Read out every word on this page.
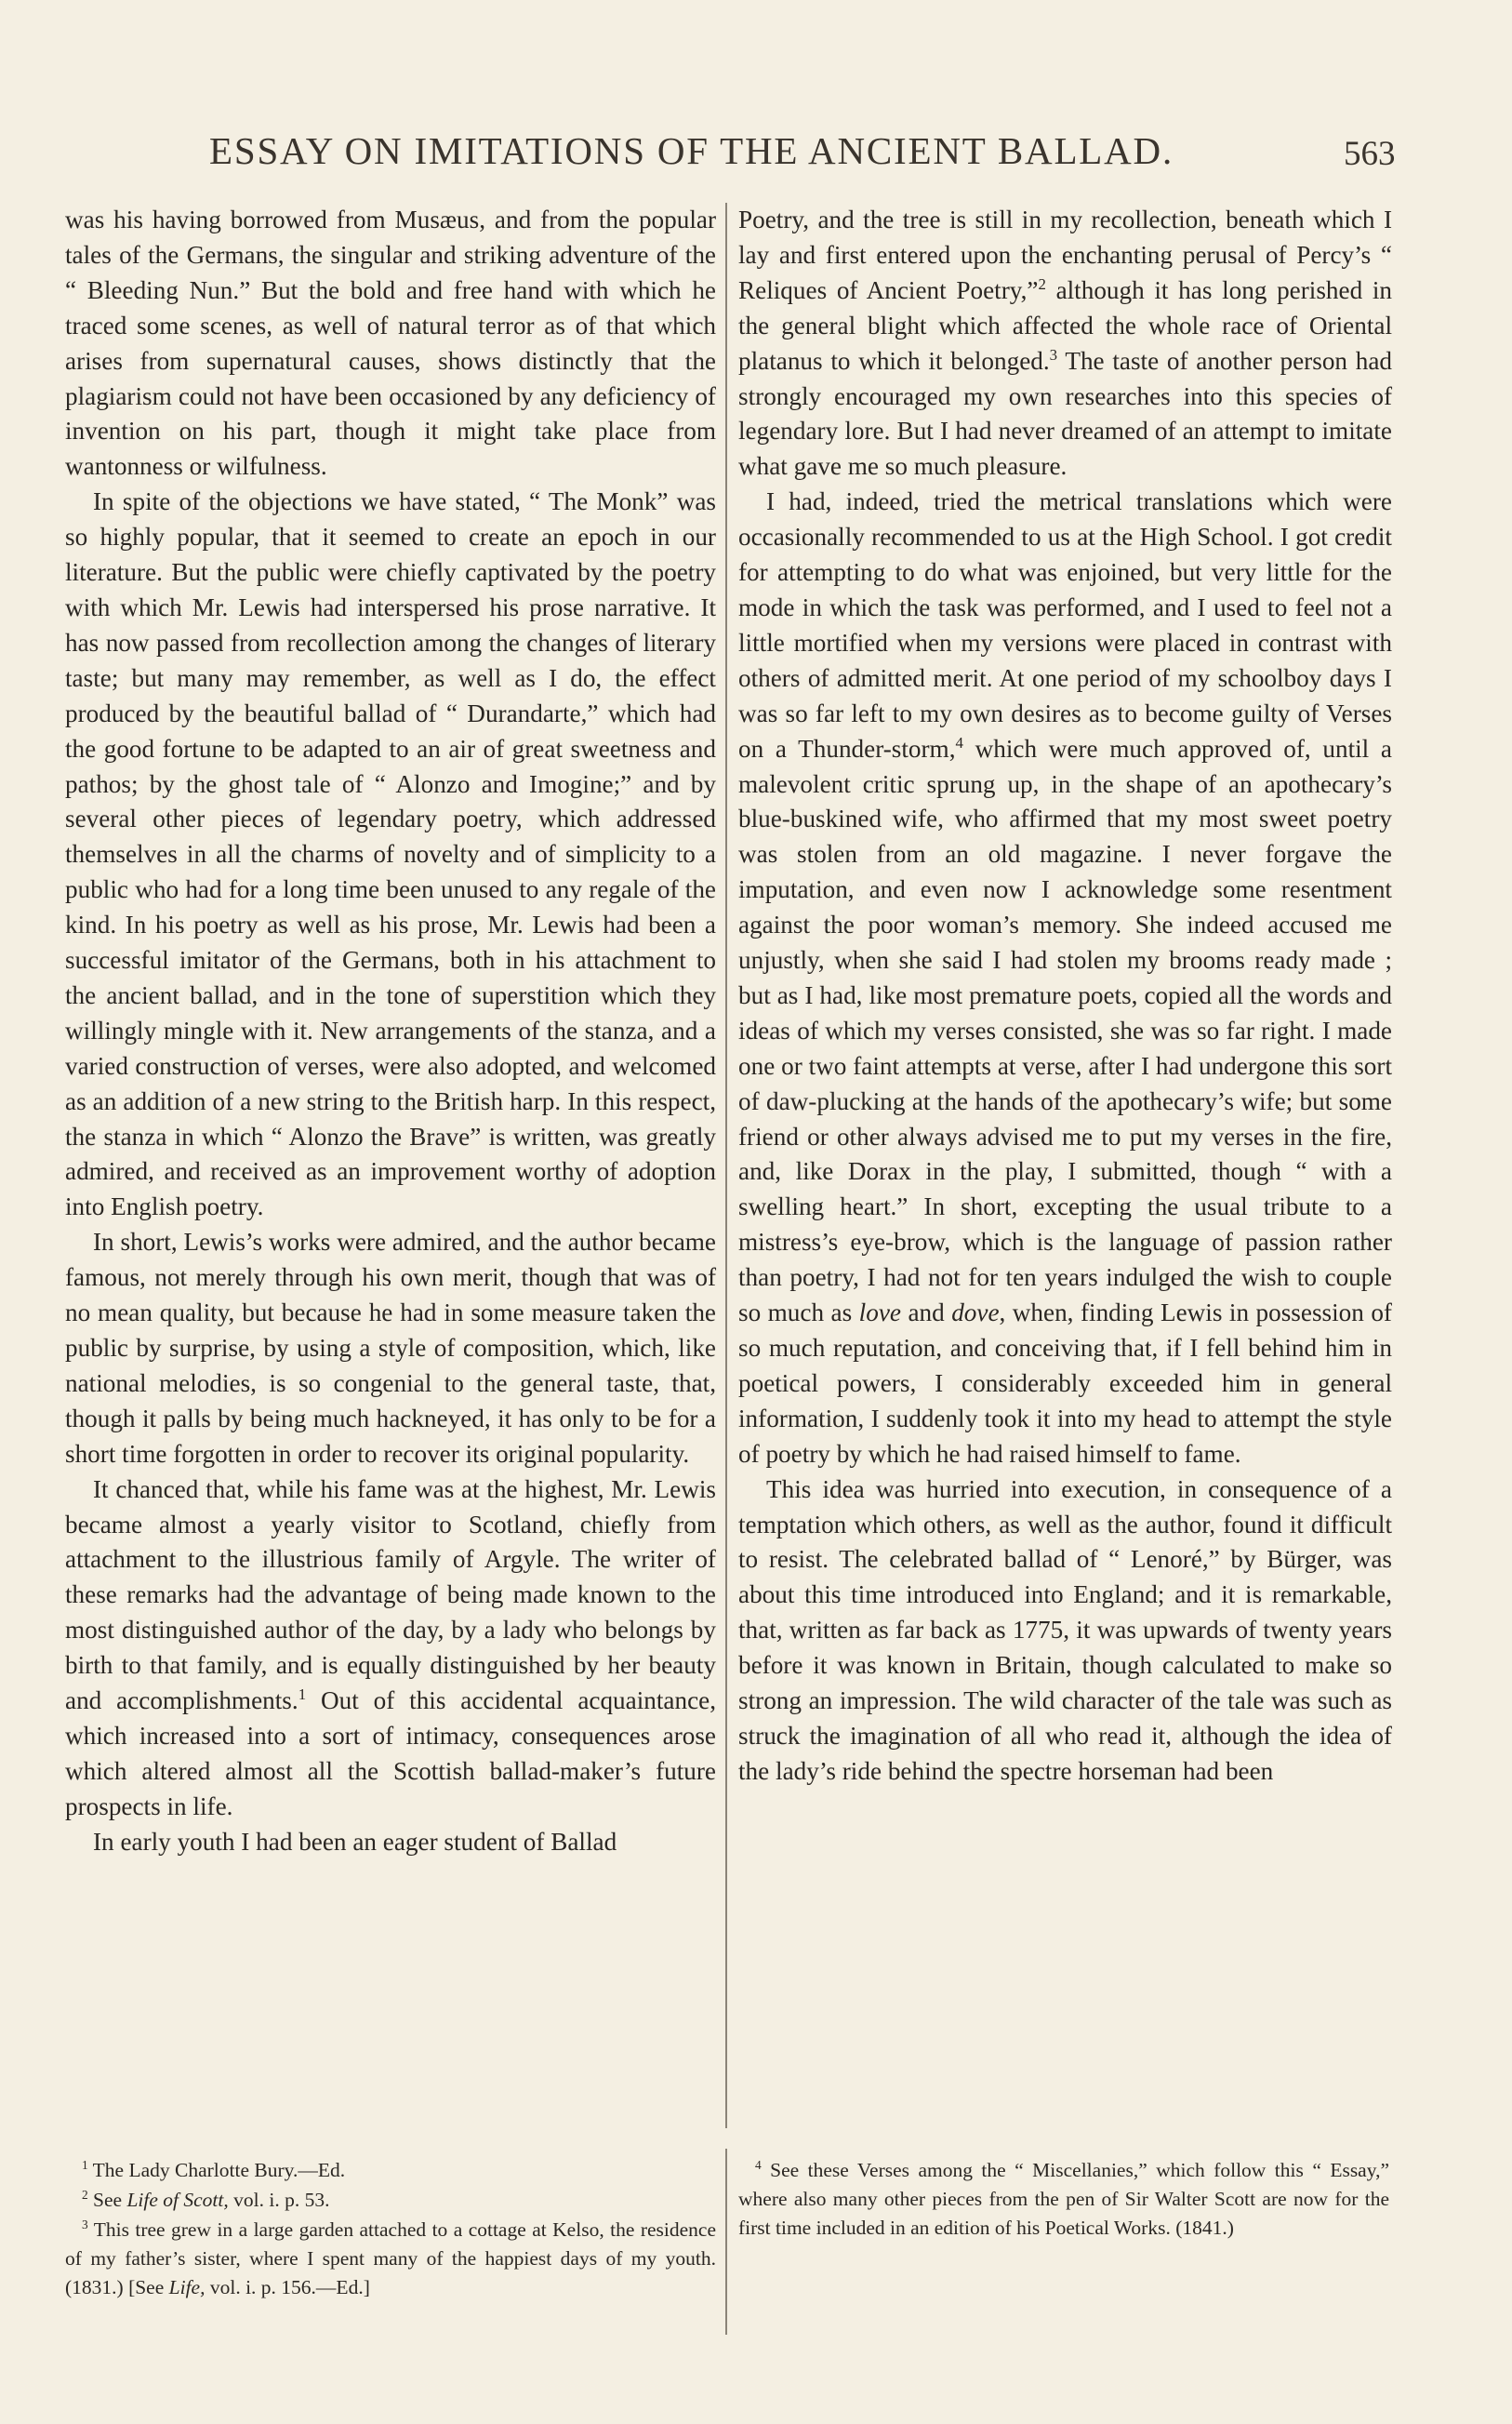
ESSAY ON IMITATIONS OF THE ANCIENT BALLAD.	563

was his having borrowed from Musæus, and from the popular tales of the Germans, the singular and striking adventure of the “ Bleeding Nun.” But the bold and free hand with which he traced some scenes, as well of natural terror as of that which arises from supernatural causes, shows distinctly that the plagiarism could not have been occasioned by any deficiency of invention on his part, though it might take place from wantonness or wilfulness.

In spite of the objections we have stated, “ The Monk” was so highly popular, that it seemed to create an epoch in our literature. But the public were chiefly captivated by the poetry with which Mr. Lewis had interspersed his prose narrative. It has now passed from recollection among the changes of literary taste; but many may remember, as well as I do, the effect produced by the beautiful ballad of “ Durandarte,” which had the good fortune to be adapted to an air of great sweetness and pathos; by the ghost tale of “ Alonzo and Imogine;” and by several other pieces of legendary poetry, which addressed themselves in all the charms of novelty and of simplicity to a public who had for a long time been unused to any regale of the kind. In his poetry as well as his prose, Mr. Lewis had been a successful imitator of the Germans, both in his attachment to the ancient ballad, and in the tone of superstition which they willingly mingle with it. New arrangements of the stanza, and a varied construction of verses, were also adopted, and welcomed as an addition of a new string to the British harp. In this respect, the stanza in which “ Alonzo the Brave” is written, was greatly admired, and received as an improvement worthy of adoption into English poetry.

In short, Lewis’s works were admired, and the author became famous, not merely through his own merit, though that was of no mean quality, but because he had in some measure taken the public by surprise, by using a style of composition, which, like national melodies, is so congenial to the general taste, that, though it palls by being much hackneyed, it has only to be for a short time forgotten in order to recover its original popularity.

It chanced that, while his fame was at the highest, Mr. Lewis became almost a yearly visitor to Scotland, chiefly from attachment to the illustrious family of Argyle. The writer of these remarks had the advantage of being made known to the most distinguished author of the day, by a lady who belongs by birth to that family, and is equally distinguished by her beauty and accomplishments.$^1$ Out of this accidental acquaintance, which increased into a sort of intimacy, consequences arose which altered almost all the Scottish ballad-maker’s future prospects in life.

In early youth I had been an eager student of Ballad

Poetry, and the tree is still in my recollection, beneath which I lay and first entered upon the enchanting perusal of Percy’s “ Reliques of Ancient Poetry,”$^2$ although it has long perished in the general blight which affected the whole race of Oriental platanus to which it belonged.$^3$ The taste of another person had strongly encouraged my own researches into this species of legendary lore. But I had never dreamed of an attempt to imitate what gave me so much pleasure.

I had, indeed, tried the metrical translations which were occasionally recommended to us at the High School. I got credit for attempting to do what was enjoined, but very little for the mode in which the task was performed, and I used to feel not a little mortified when my versions were placed in contrast with others of admitted merit. At one period of my schoolboy days I was so far left to my own desires as to become guilty of Verses on a Thunder-storm,$^4$ which were much approved of, until a malevolent critic sprung up, in the shape of an apothecary’s blue-buskined wife, who affirmed that my most sweet poetry was stolen from an old magazine. I never forgave the imputation, and even now I acknowledge some resentment against the poor woman’s memory. She indeed accused me unjustly, when she said I had stolen my brooms ready made ; but as I had, like most premature poets, copied all the words and ideas of which my verses consisted, she was so far right. I made one or two faint attempts at verse, after I had undergone this sort of daw-plucking at the hands of the apothecary’s wife; but some friend or other always advised me to put my verses in the fire, and, like Dorax in the play, I submitted, though “ with a swelling heart.” In short, excepting the usual tribute to a mistress’s eye-brow, which is the language of passion rather than poetry, I had not for ten years indulged the wish to couple so much as love and dove, when, finding Lewis in possession of so much reputation, and conceiving that, if I fell behind him in poetical powers, I considerably exceeded him in general information, I suddenly took it into my head to attempt the style of poetry by which he had raised himself to fame.

This idea was hurried into execution, in consequence of a temptation which others, as well as the author, found it difficult to resist. The celebrated ballad of “ Lenoré,” by Bürger, was about this time introduced into England; and it is remarkable, that, written as far back as 1775, it was upwards of twenty years before it was known in Britain, though calculated to make so strong an impression. The wild character of the tale was such as struck the imagination of all who read it, although the idea of the lady’s ride behind the spectre horseman had been

$^1$ The Lady Charlotte Bury.—Ed.

$^2$ See Life of Scott, vol. i. p. 53.

$^3$ This tree grew in a large garden attached to a cottage at Kelso, the residence of my father’s sister, where I spent many of the happiest days of my youth. (1831.) [See Life, vol. i. p. 156.—Ed.]

$^4$ See these Verses among the “ Miscellanies,” which follow this “ Essay,” where also many other pieces from the pen of Sir Walter Scott are now for the first time included in an edition of his Poetical Works. (1841.)
